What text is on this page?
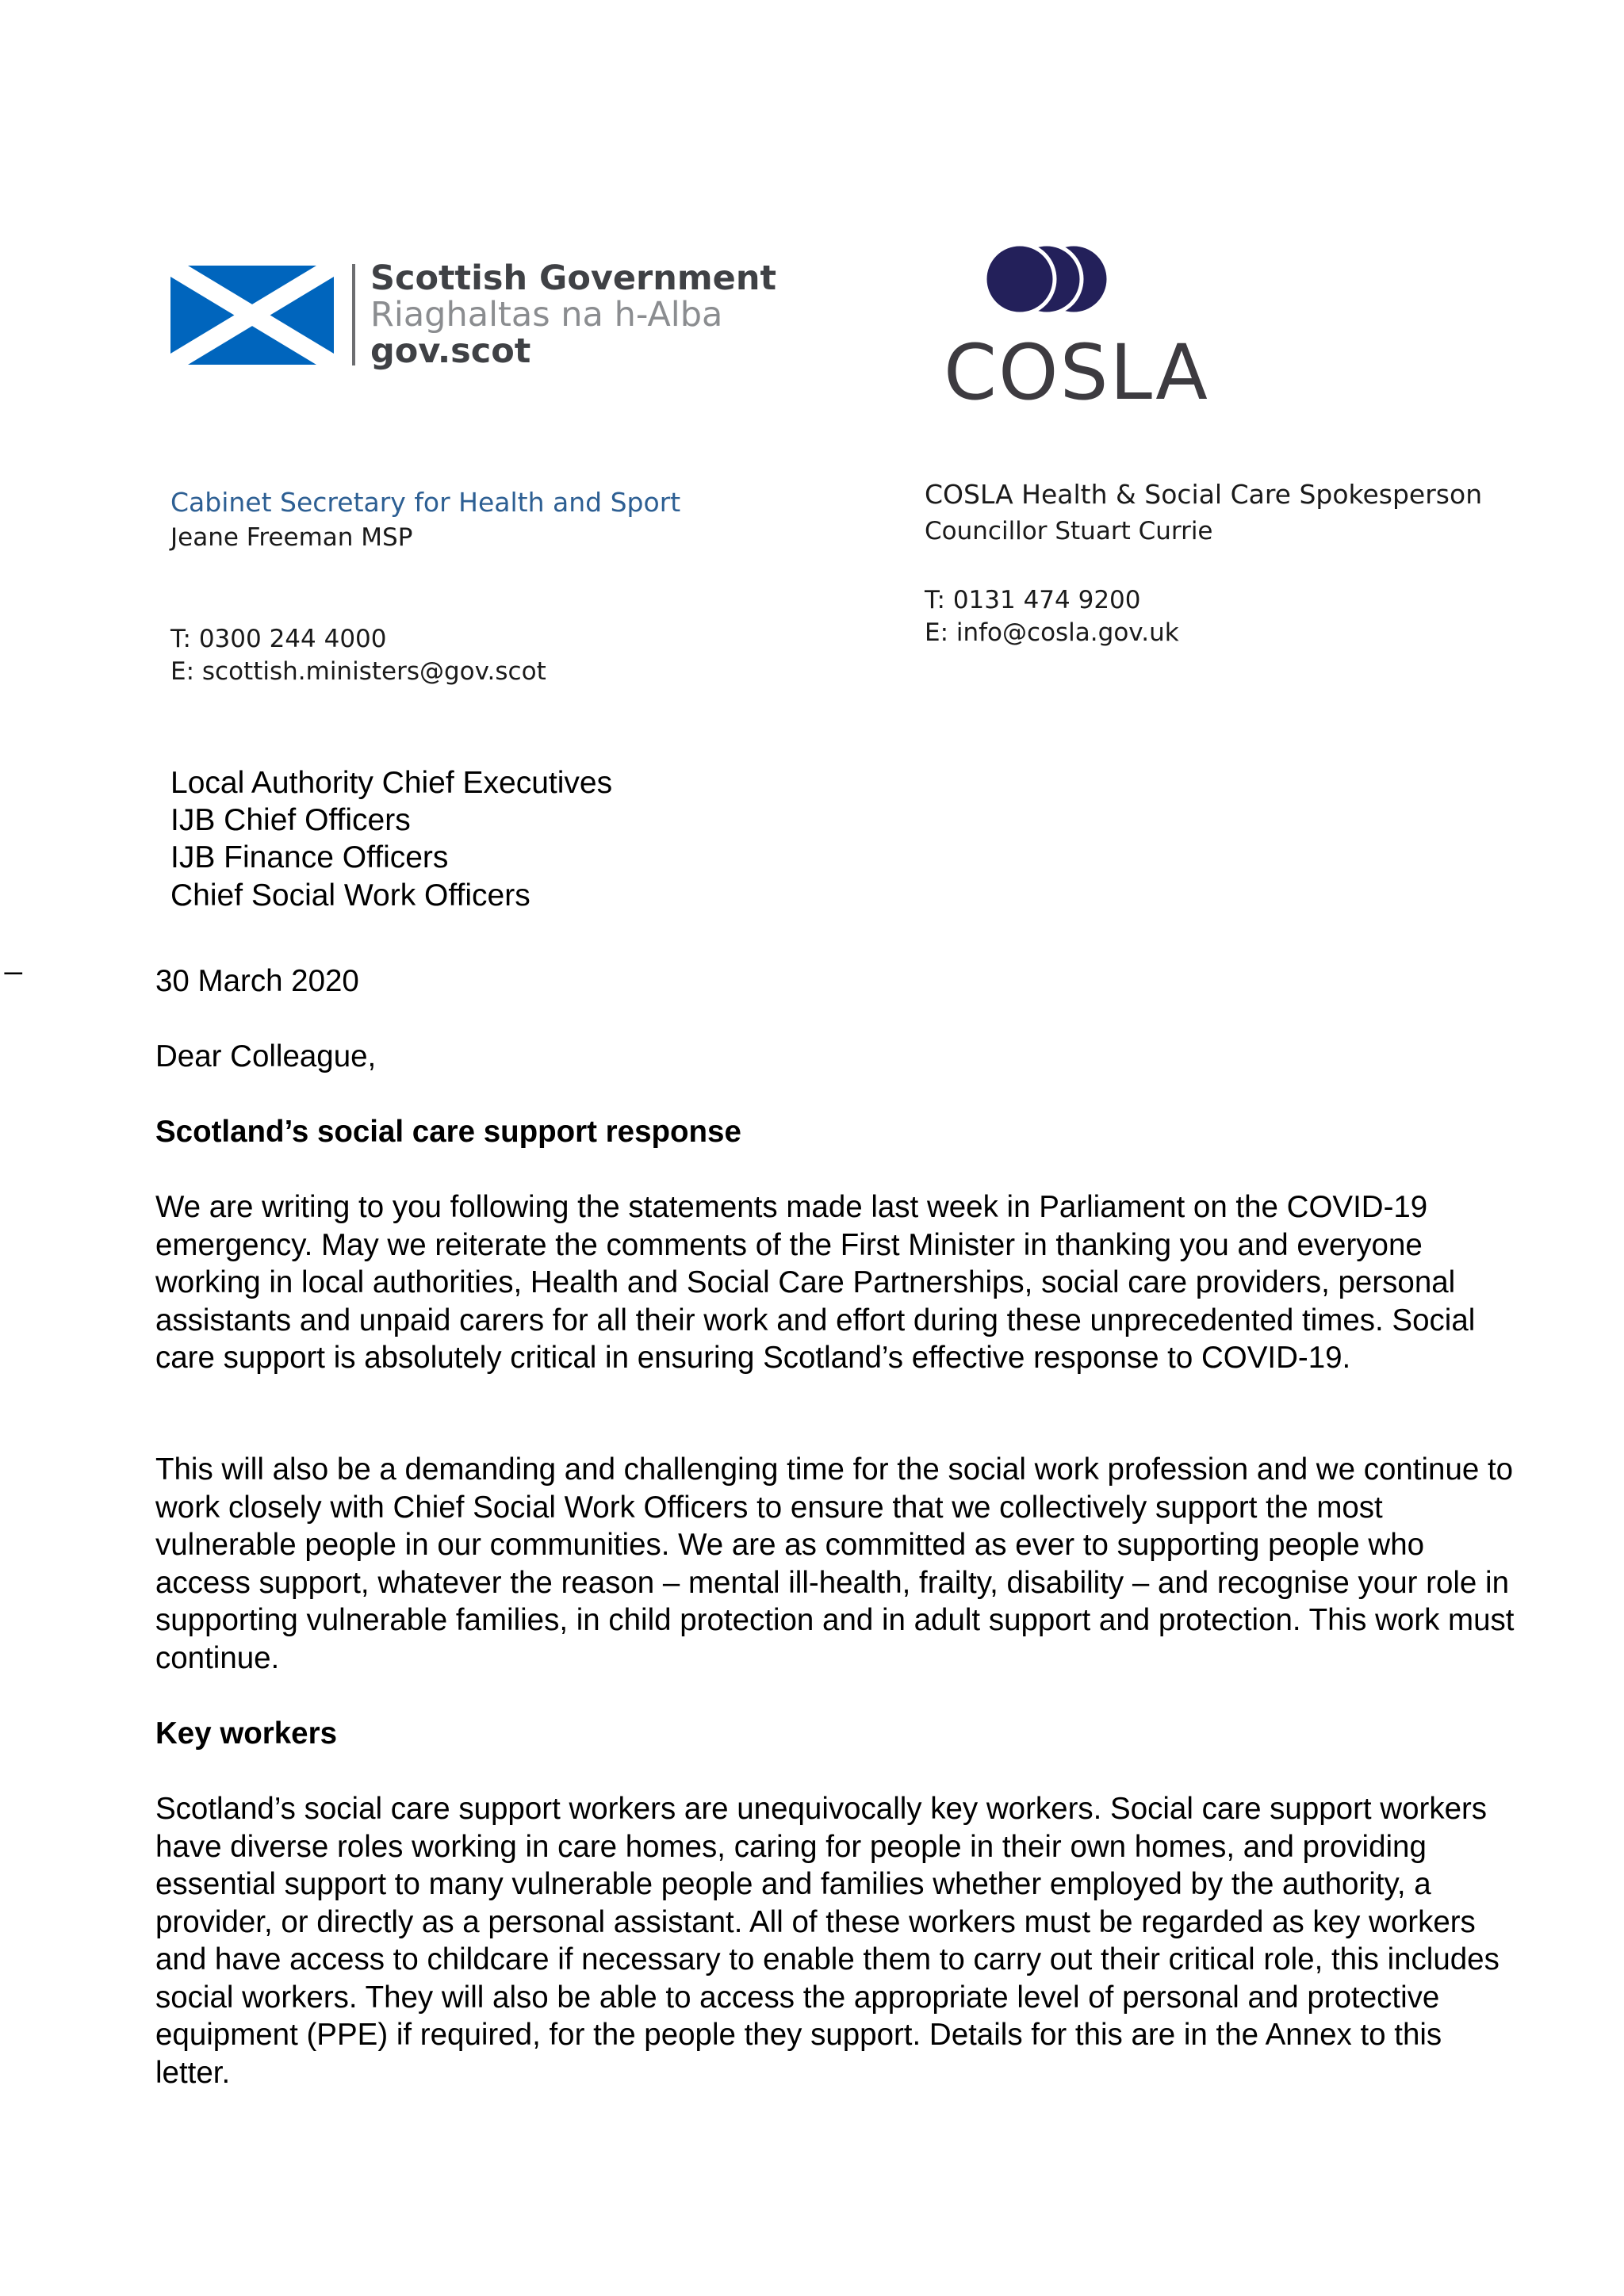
Scottish Government
Riaghaltas na h-Alba
gov.scot	COSLA
Cabinet Secretary for Health and Sport
Jeane Freeman MSP
T: 0300 244 4000
E: scottish.ministers@gov.scot
COSLA Health & Social Care Spokesperson
Councillor Stuart Currie
T: 0131 474 9200
E: info@cosla.gov.uk
Local Authority Chief Executives
IJB Chief Officers
IJB Finance Officers
Chief Social Work Officers
_
30 March 2020
Dear Colleague,
Scotland’s social care support response
We are writing to you following the statements made last week in Parliament on the COVID-19 emergency. May we reiterate the comments of the First Minister in thanking you and everyone working in local authorities, Health and Social Care Partnerships, social care providers, personal assistants and unpaid carers for all their work and effort during these unprecedented times. Social care support is absolutely critical in ensuring Scotland’s effective response to COVID-19.
This will also be a demanding and challenging time for the social work profession and we continue to work closely with Chief Social Work Officers to ensure that we collectively support the most vulnerable people in our communities. We are as committed as ever to supporting people who access support, whatever the reason – mental ill-health, frailty, disability – and recognise your role in supporting vulnerable families, in child protection and in adult support and protection. This work must continue.
Key workers
Scotland’s social care support workers are unequivocally key workers. Social care support workers have diverse roles working in care homes, caring for people in their own homes, and providing essential support to many vulnerable people and families whether employed by the authority, a provider, or directly as a personal assistant. All of these workers must be regarded as key workers and have access to childcare if necessary to enable them to carry out their critical role, this includes social workers. They will also be able to access the appropriate level of personal and protective equipment (PPE) if required, for the people they support. Details for this are in the Annex to this letter.
